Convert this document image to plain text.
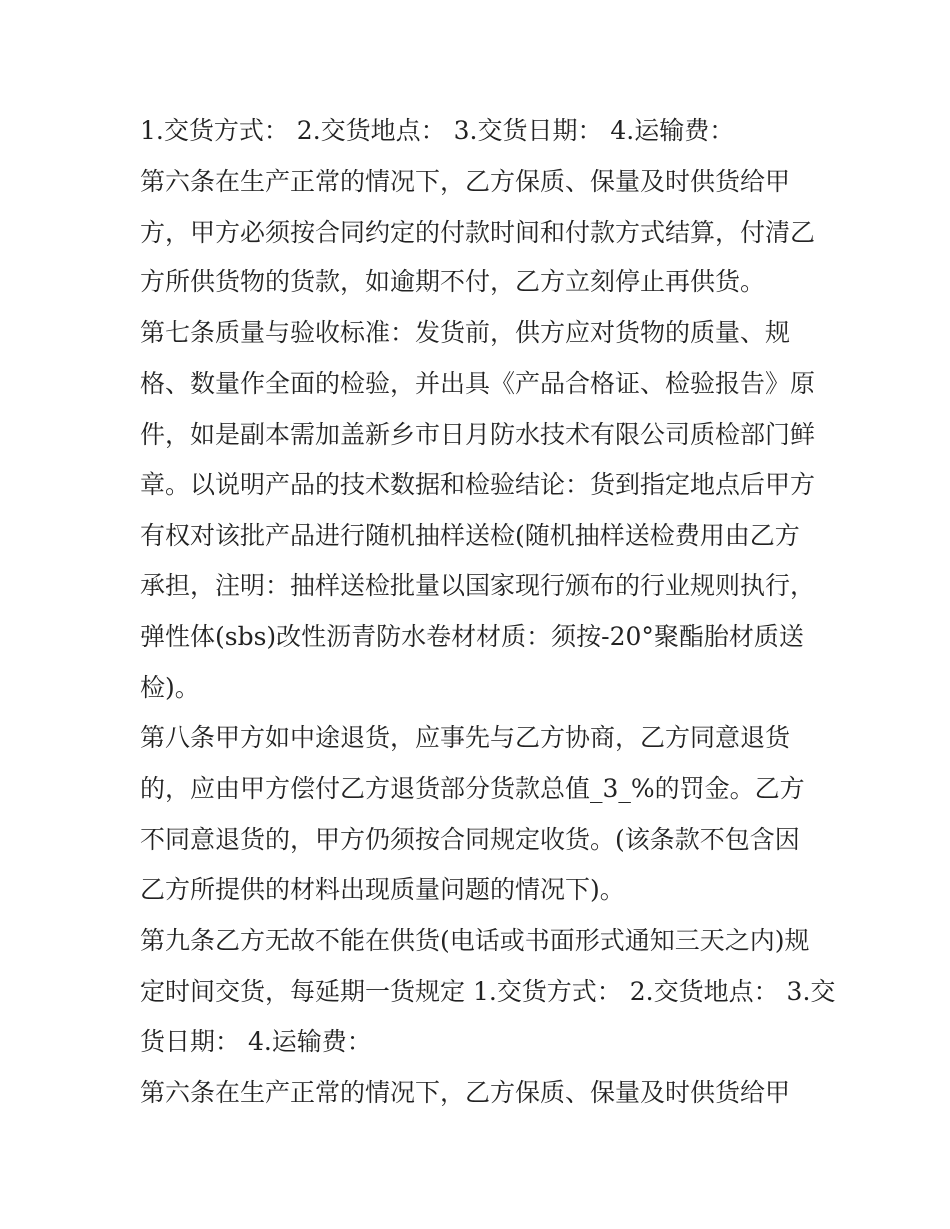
1.交货方式： 2.交货地点： 3.交货日期： 4.运输费：
第六条在生产正常的情况下，乙方保质、保量及时供货给甲
方，甲方必须按合同约定的付款时间和付款方式结算，付清乙
方所供货物的货款，如逾期不付，乙方立刻停止再供货。
第七条质量与验收标准：发货前，供方应对货物的质量、规
格、数量作全面的检验，并出具《产品合格证、检验报告》原
件，如是副本需加盖新乡市日月防水技术有限公司质检部门鲜
章。以说明产品的技术数据和检验结论：货到指定地点后甲方
有权对该批产品进行随机抽样送检(随机抽样送检费用由乙方
承担，注明：抽样送检批量以国家现行颁布的行业规则执行，
弹性体(sbs)改性沥青防水卷材材质：须按-20°聚酯胎材质送
检)。
第八条甲方如中途退货，应事先与乙方协商，乙方同意退货
的，应由甲方偿付乙方退货部分货款总值_3_%的罚金。乙方
不同意退货的，甲方仍须按合同规定收货。(该条款不包含因
乙方所提供的材料出现质量问题的情况下)。
第九条乙方无故不能在供货(电话或书面形式通知三天之内)规
定时间交货，每延期一货规定 1.交货方式： 2.交货地点： 3.交
货日期： 4.运输费：
第六条在生产正常的情况下，乙方保质、保量及时供货给甲
